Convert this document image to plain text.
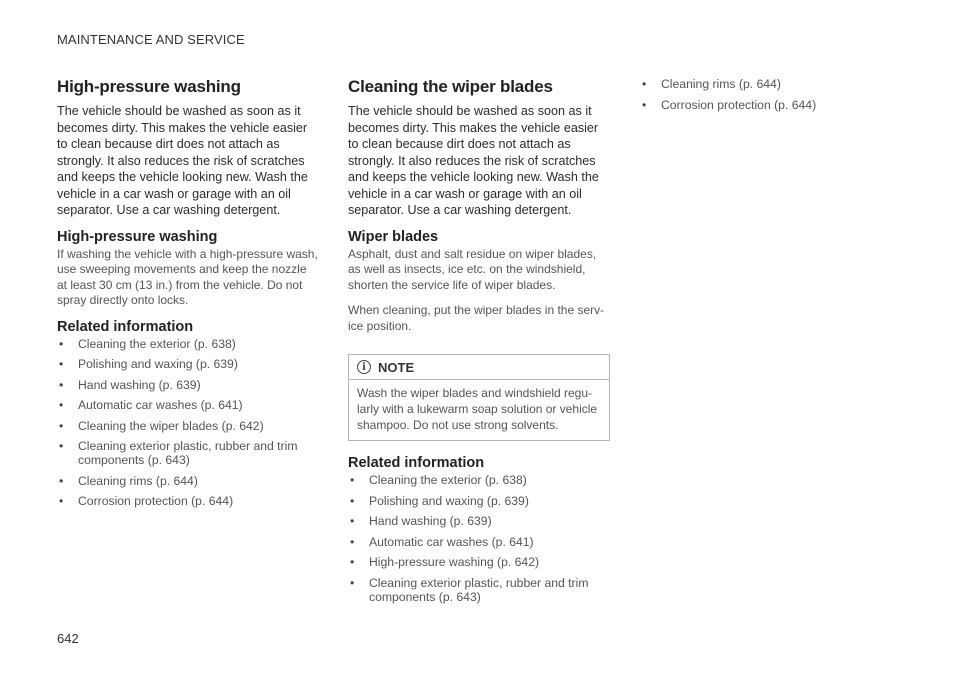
MAINTENANCE AND SERVICE
High-pressure washing

The vehicle should be washed as soon as it becomes dirty. This makes the vehicle easier to clean because dirt does not attach as strongly. It also reduces the risk of scratches and keeps the vehicle looking new. Wash the vehicle in a car wash or garage with an oil separator. Use a car washing detergent.

High-pressure washing

If washing the vehicle with a high-pressure wash, use sweeping movements and keep the nozzle at least 30 cm (13 in.) from the vehicle. Do not spray directly onto locks.

Related information
• Cleaning the exterior (p. 638)
• Polishing and waxing (p. 639)
• Hand washing (p. 639)
• Automatic car washes (p. 641)
• Cleaning the wiper blades (p. 642)
• Cleaning exterior plastic, rubber and trim components (p. 643)
• Cleaning rims (p. 644)
• Corrosion protection (p. 644)
Cleaning the wiper blades

The vehicle should be washed as soon as it becomes dirty. This makes the vehicle easier to clean because dirt does not attach as strongly. It also reduces the risk of scratches and keeps the vehicle looking new. Wash the vehicle in a car wash or garage with an oil separator. Use a car washing detergent.

Wiper blades

Asphalt, dust and salt residue on wiper blades, as well as insects, ice etc. on the windshield, shorten the service life of wiper blades.

When cleaning, put the wiper blades in the serv-ice position.

i NOTE
Wash the wiper blades and windshield regu-larly with a lukewarm soap solution or vehicle shampoo. Do not use strong solvents.
Related information
• Cleaning the exterior (p. 638)
• Polishing and waxing (p. 639)
• Hand washing (p. 639)
• Automatic car washes (p. 641)
• High-pressure washing (p. 642)
• Cleaning exterior plastic, rubber and trim components (p. 643)
• Cleaning rims (p. 644)
• Corrosion protection (p. 644)
642
